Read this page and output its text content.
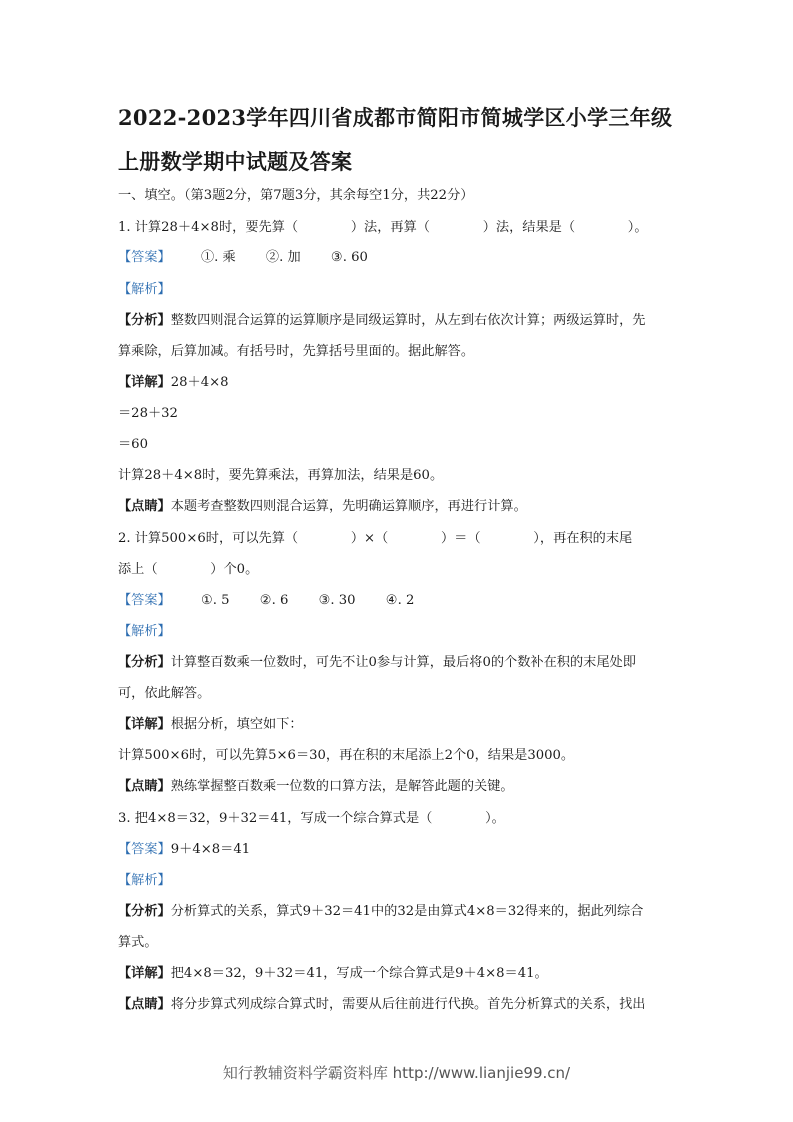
2022-2023学年四川省成都市简阳市简城学区小学三年级上册数学期中试题及答案
一、填空。（第3题2分，第7题3分，其余每空1分，共22分）
1. 计算28＋4×8时，要先算（　　　　）法，再算（　　　　）法，结果是（　　　　）。
【答案】 ①. 乘 ②. 加 ③. 60
【解析】
【分析】整数四则混合运算的运算顺序是同级运算时，从左到右依次计算；两级运算时，先
算乘除，后算加减。有括号时，先算括号里面的。据此解答。
【详解】28＋4×8
＝28＋32
＝60
计算28＋4×8时，要先算乘法，再算加法，结果是60。
【点睛】本题考查整数四则混合运算，先明确运算顺序，再进行计算。
2. 计算500×6时，可以先算（　　　　）×（　　　　）＝（　　　　），再在积的末尾
添上（　　　　）个0。
【答案】 ①. 5 ②. 6 ③. 30 ④. 2
【解析】
【分析】计算整百数乘一位数时，可先不让0参与计算，最后将0的个数补在积的末尾处即
可，依此解答。
【详解】根据分析，填空如下：
计算500×6时，可以先算5×6＝30，再在积的末尾添上2个0，结果是3000。
【点睛】熟练掌握整百数乘一位数的口算方法，是解答此题的关键。
3. 把4×8＝32，9＋32＝41，写成一个综合算式是（　　　　）。
【答案】9＋4×8＝41
【解析】
【分析】分析算式的关系，算式9＋32＝41中的32是由算式4×8＝32得来的，据此列综合
算式。
【详解】把4×8＝32，9＋32＝41，写成一个综合算式是9＋4×8＝41。
【点睛】将分步算式列成综合算式时，需要从后往前进行代换。首先分析算式的关系，找出
知行教辅资料学霸资料库 http://www.lianjie99.cn/
